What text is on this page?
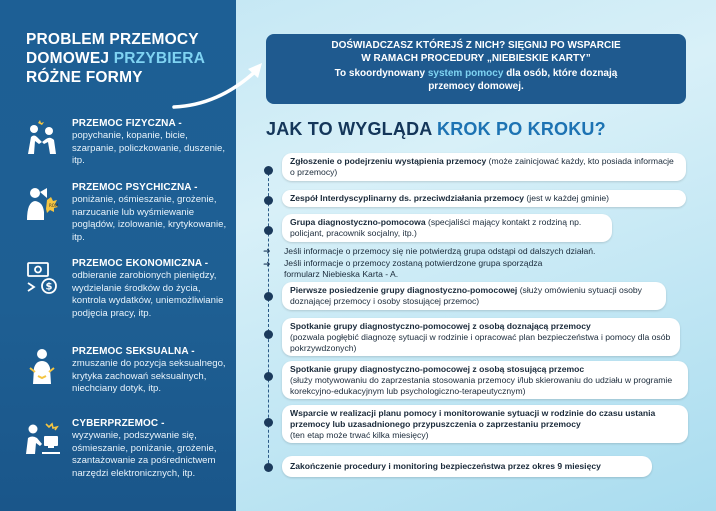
PROBLEM PRZEMOCY
DOMOWEJ PRZYBIERA
RÓŻNE FORMY
PRZEMOC FIZYCZNA -
popychanie, kopanie, bicie, szarpanie, policzkowanie, duszenie, itp.
ROM
PRZEMOC PSYCHICZNA -
poniżanie, ośmieszanie, grożenie, narzucanie lub wyśmiewanie poglądów, izolowanie, krytykowanie, itp.
$
PRZEMOC EKONOMICZNA -
odbieranie zarobionych pieniędzy, wydzielanie środków do życia, kontrola wydatków, uniemożliwianie podjęcia pracy, itp.
PRZEMOC SEKSUALNA -
zmuszanie do pozycja seksualnego, krytyka zachowań seksualnych, niechciany dotyk, itp.
CYBERPRZEMOC -
wyzywanie, podszywanie się, ośmieszanie, poniżanie, grożenie, szantażowanie za pośrednictwem narzędzi elektronicznych, itp.
DOŚWIADCZASZ KTÓREJŚ Z NICH? SIĘGNIJ PO WSPARCIE
W RAMACH PROCEDURY „NIEBIESKIE KARTY”
To skoordynowany system pomocy dla osób, które doznają
przemocy domowej.
JAK TO WYGLĄDA KROK PO KROKU?
Zgłoszenie o podejrzeniu wystąpienia przemocy (może zainicjować każdy, kto posiada informacje o przemocy)
Zespół Interdyscyplinarny ds. przeciwdziałania przemocy (jest w każdej gminie)
Grupa diagnostyczno-pomocowa (specjaliści mający kontakt z rodziną np. policjant, pracownik socjalny, itp.)
➜ Jeśli informacje o przemocy się nie potwierdzą grupa odstąpi od dalszych działań.
➜ Jeśli informacje o przemocy zostaną potwierdzone grupa sporządza formularz Niebieska Karta - A.
Pierwsze posiedzenie grupy diagnostyczno-pomocowej (służy omówieniu sytuacji osoby doznającej przemocy i osoby stosującej przemoc)
Spotkanie grupy diagnostyczno-pomocowej z osobą doznającą przemocy
(pozwala pogłębić diagnozę sytuacji w rodzinie i opracować plan bezpieczeństwa i pomocy dla osób pokrzywdzonych)
Spotkanie grupy diagnostyczno-pomocowej z osobą stosującą przemoc
(służy motywowaniu do zaprzestania stosowania przemocy i/lub skierowaniu do udziału w programie korekcyjno-edukacyjnym lub psychologiczno-terapeutycznym)
Wsparcie w realizacji planu pomocy i monitorowanie sytuacji w rodzinie do czasu ustania przemocy lub uzasadnionego przypuszczenia o zaprzestaniu przemocy
(ten etap może trwać kilka miesięcy)
Zakończenie procedury i monitoring bezpieczeństwa przez okres 9 miesięcy
